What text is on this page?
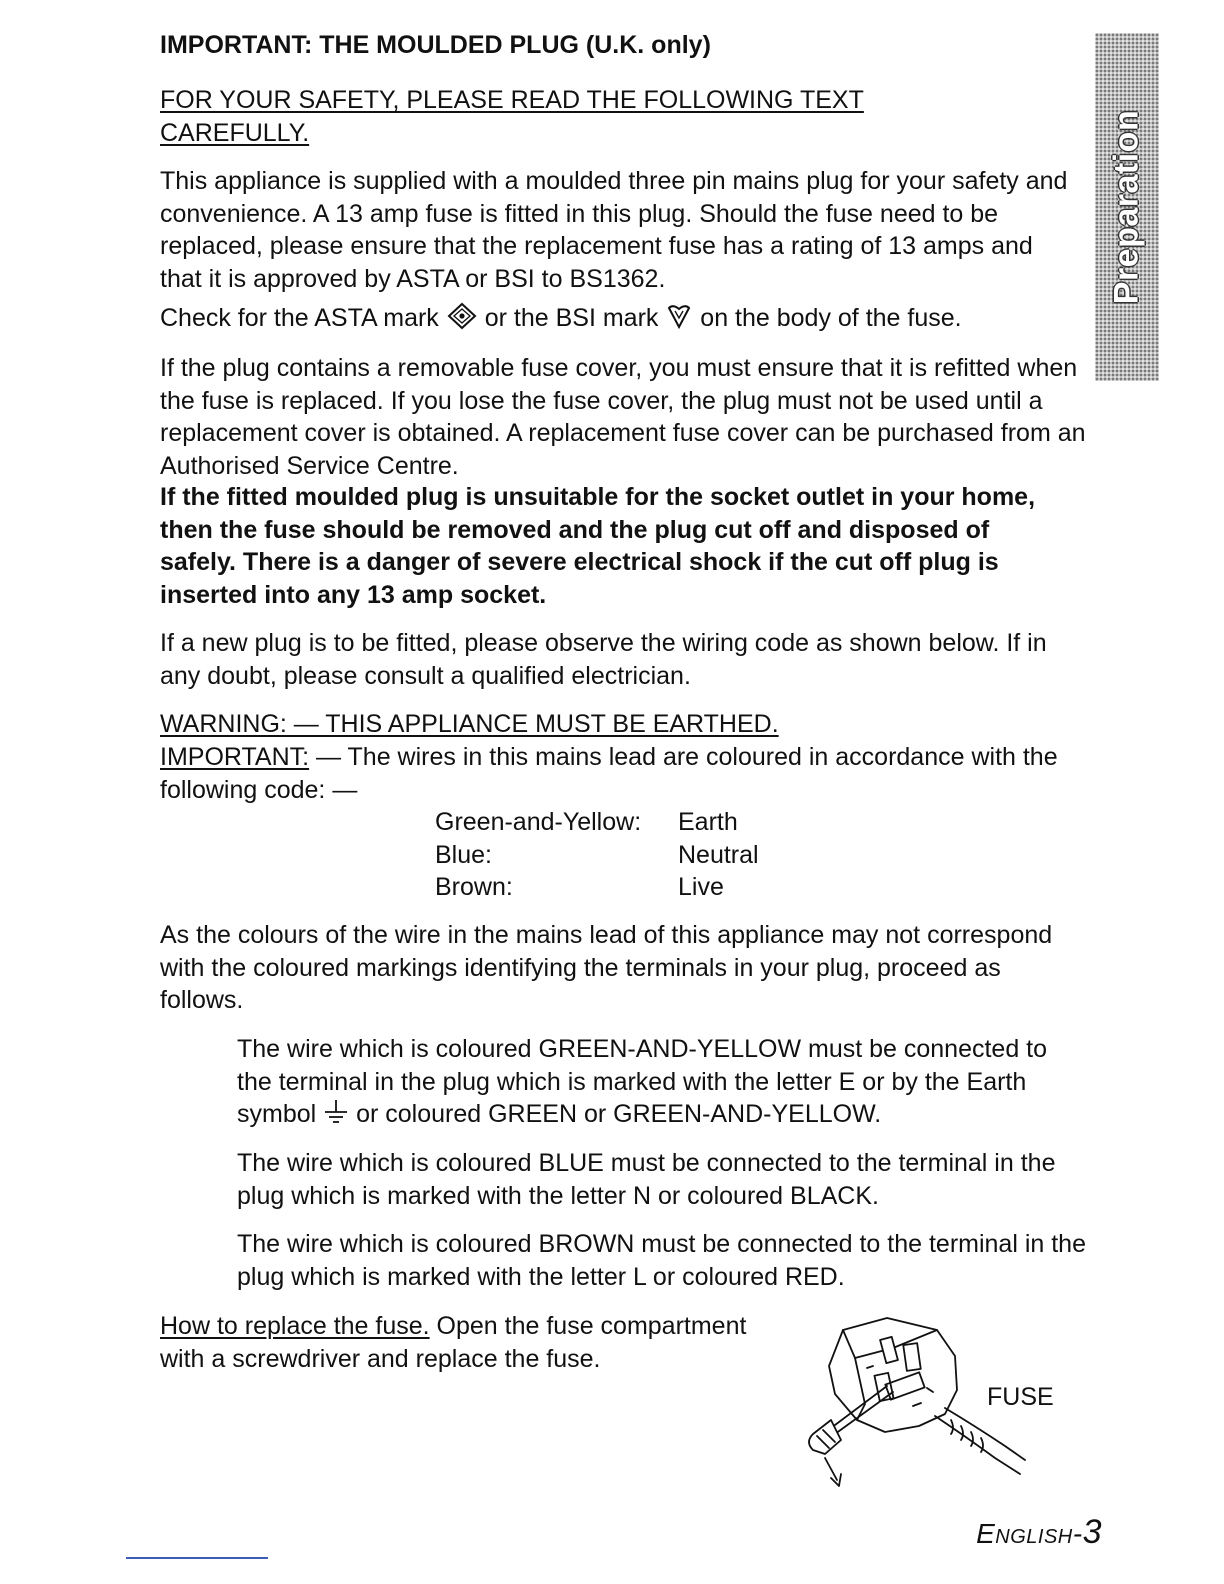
IMPORTANT: THE MOULDED PLUG (U.K. only)
FOR YOUR SAFETY, PLEASE READ THE FOLLOWING TEXT CAREFULLY.
This appliance is supplied with a moulded three pin mains plug for your safety and convenience. A 13 amp fuse is fitted in this plug. Should the fuse need to be replaced, please ensure that the replacement fuse has a rating of 13 amps and that it is approved by ASTA or BSI to BS1362.
Check for the ASTA mark or the BSI mark on the body of the fuse.
If the plug contains a removable fuse cover, you must ensure that it is refitted when the fuse is replaced. If you lose the fuse cover, the plug must not be used until a replacement cover is obtained. A replacement fuse cover can be purchased from an Authorised Service Centre.
If the fitted moulded plug is unsuitable for the socket outlet in your home, then the fuse should be removed and the plug cut off and disposed of safely. There is a danger of severe electrical shock if the cut off plug is inserted into any 13 amp socket.
If a new plug is to be fitted, please observe the wiring code as shown below. If in any doubt, please consult a qualified electrician.
WARNING: — THIS APPLIANCE MUST BE EARTHED.
IMPORTANT: — The wires in this mains lead are coloured in accordance with the following code: —
Green-and-Yellow:	Earth
Blue:	Neutral
Brown:	Live
As the colours of the wire in the mains lead of this appliance may not correspond with the coloured markings identifying the terminals in your plug, proceed as follows.
The wire which is coloured GREEN-AND-YELLOW must be connected to the terminal in the plug which is marked with the letter E or by the Earth symbol or coloured GREEN or GREEN-AND-YELLOW.
The wire which is coloured BLUE must be connected to the terminal in the plug which is marked with the letter N or coloured BLACK.
The wire which is coloured BROWN must be connected to the terminal in the plug which is marked with the letter L or coloured RED.
How to replace the fuse. Open the fuse compartment with a screwdriver and replace the fuse.
FUSE
Preparation
English-3
